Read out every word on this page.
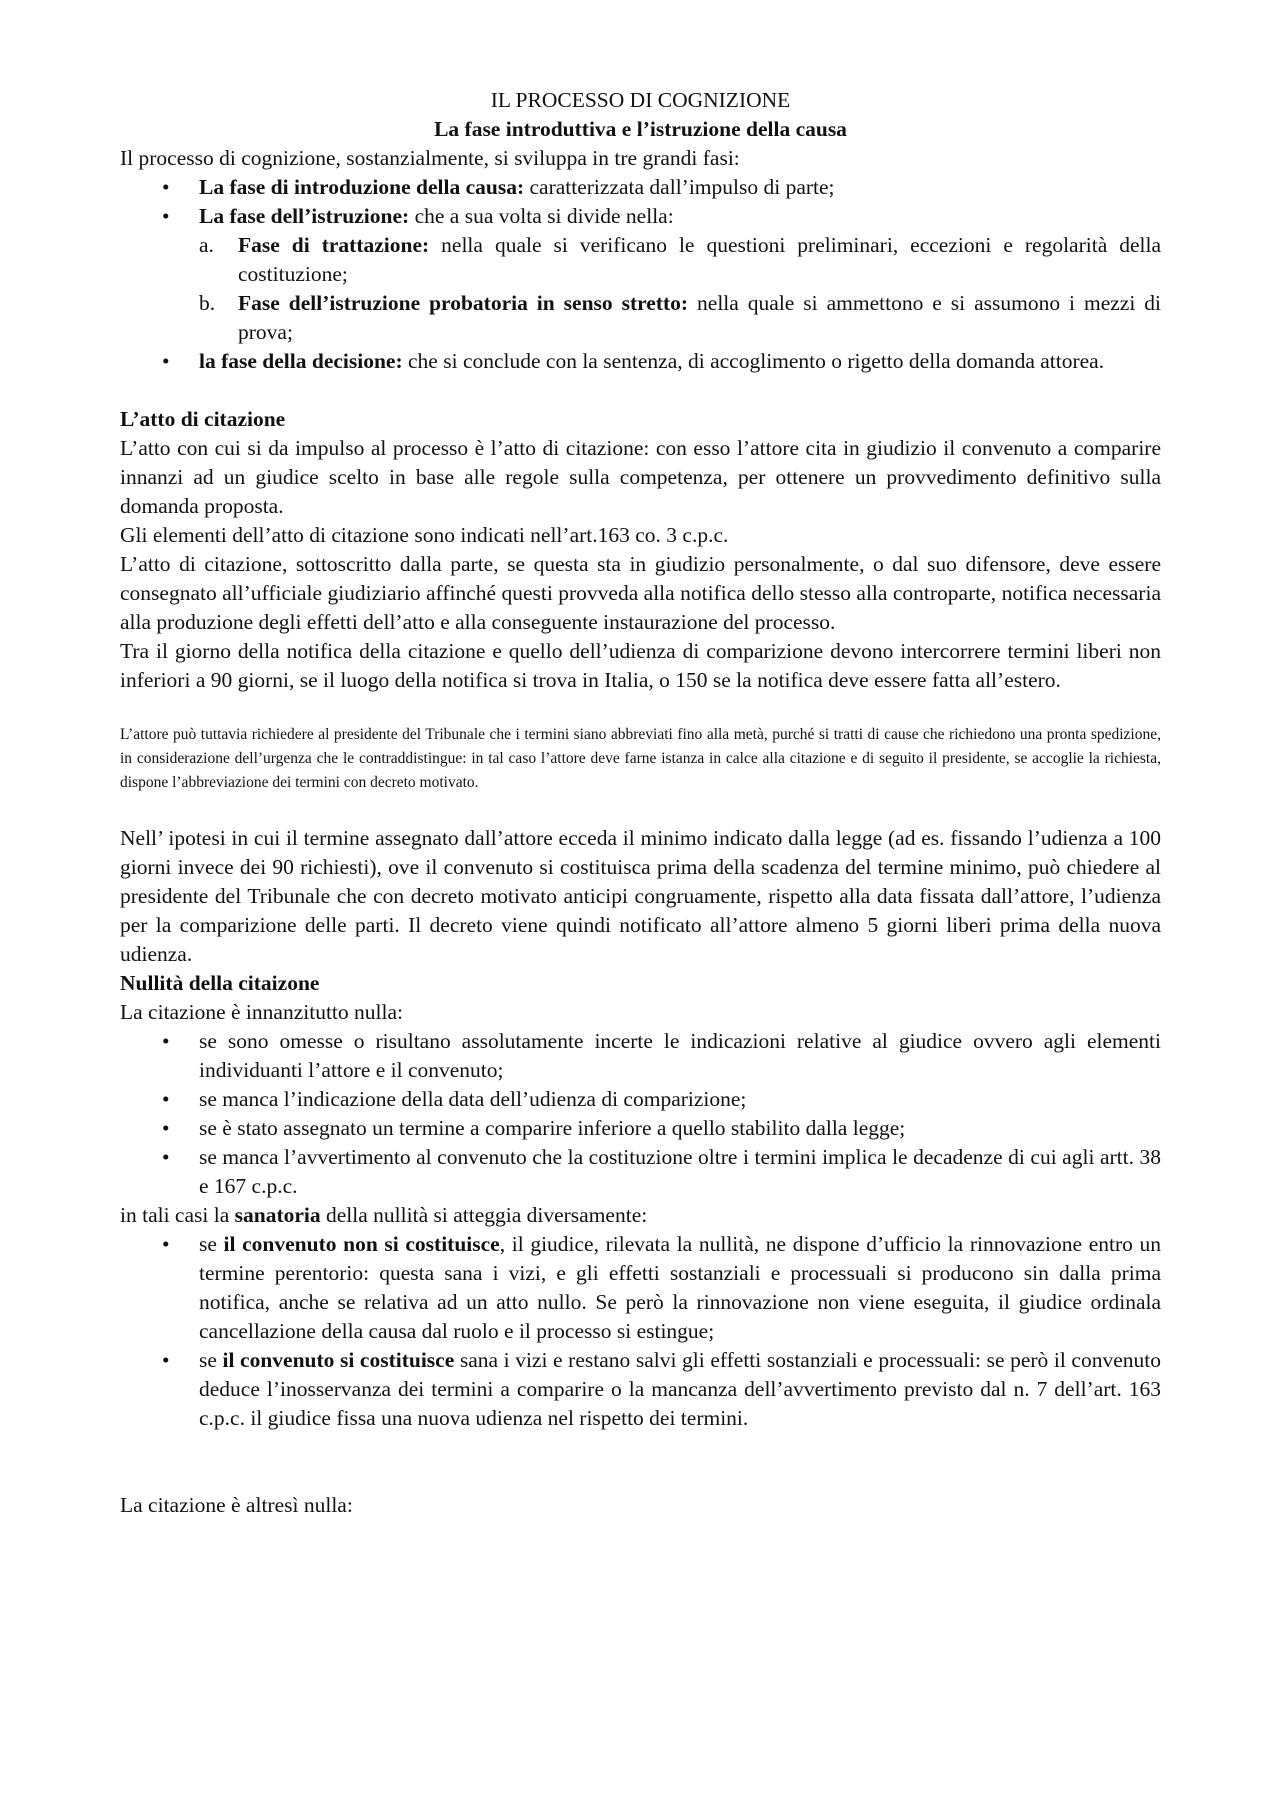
IL PROCESSO DI COGNIZIONE

La fase introduttiva e l’istruzione della causa

Il processo di cognizione, sostanzialmente, si sviluppa in tre grandi fasi:

• La fase di introduzione della causa: caratterizzata dall’impulso di parte;
• La fase dell’istruzione: che a sua volta si divide nella:
a. Fase di trattazione: nella quale si verificano le questioni preliminari, eccezioni e regolarità della costituzione;
b. Fase dell’istruzione probatoria in senso stretto: nella quale si ammettono e si assumono i mezzi di prova;
• la fase della decisione: che si conclude con la sentenza, di accoglimento o rigetto della domanda attorea.

L’atto di citazione

L’atto con cui si da impulso al processo è l’atto di citazione: con esso l’attore cita in giudizio il convenuto a comparire innanzi ad un giudice scelto in base alle regole sulla competenza, per ottenere un provvedimento definitivo sulla domanda proposta.

Gli elementi dell’atto di citazione sono indicati nell’art.163 co. 3 c.p.c.

L’atto di citazione, sottoscritto dalla parte, se questa sta in giudizio personalmente, o dal suo difensore, deve essere consegnato all’ufficiale giudiziario affinché questi provveda alla notifica dello stesso alla controparte, notifica necessaria alla produzione degli effetti dell’atto e alla conseguente instaurazione del processo.

Tra il giorno della notifica della citazione e quello dell’udienza di comparizione devono intercorrere termini liberi non inferiori a 90 giorni, se il luogo della notifica si trova in Italia, o 150 se la notifica deve essere fatta all’estero.

L’attore può tuttavia richiedere al presidente del Tribunale che i termini siano abbreviati fino alla metà, purché si tratti di cause che richiedono una pronta spedizione, in considerazione dell’urgenza che le contraddistingue: in tal caso l’attore deve farne istanza in calce alla citazione e di seguito il presidente, se accoglie la richiesta, dispone l’abbreviazione dei termini con decreto motivato.

Nell’ ipotesi in cui il termine assegnato dall’attore ecceda il minimo indicato dalla legge (ad es. fissando l’udienza a 100 giorni invece dei 90 richiesti), ove il convenuto si costituisca prima della scadenza del termine minimo, può chiedere al presidente del Tribunale che con decreto motivato anticipi congruamente, rispetto alla data fissata dall’attore, l’udienza per la comparizione delle parti. Il decreto viene quindi notificato all’attore almeno 5 giorni liberi prima della nuova udienza.

Nullità della citaizone

La citazione è innanzitutto nulla:

• se sono omesse o risultano assolutamente incerte le indicazioni relative al giudice ovvero agli elementi individuanti l’attore e il convenuto;
• se manca l’indicazione della data dell’udienza di comparizione;
• se è stato assegnato un termine a comparire inferiore a quello stabilito dalla legge;
• se manca l’avvertimento al convenuto che la costituzione oltre i termini implica le decadenze di cui agli artt. 38 e 167 c.p.c.

in tali casi la sanatoria della nullità si atteggia diversamente:

• se il convenuto non si costituisce, il giudice, rilevata la nullità, ne dispone d’ufficio la rinnovazione entro un termine perentorio: questa sana i vizi, e gli effetti sostanziali e processuali si producono sin dalla prima notifica, anche se relativa ad un atto nullo. Se però la rinnovazione non viene eseguita, il giudice ordinala cancellazione della causa dal ruolo e il processo si estingue;
• se il convenuto si costituisce sana i vizi e restano salvi gli effetti sostanziali e processuali: se però il convenuto deduce l’inosservanza dei termini a comparire o la mancanza dell’avvertimento previsto dal n. 7 dell’art. 163 c.p.c. il giudice fissa una nuova udienza nel rispetto dei termini.

La citazione è altresì nulla:
